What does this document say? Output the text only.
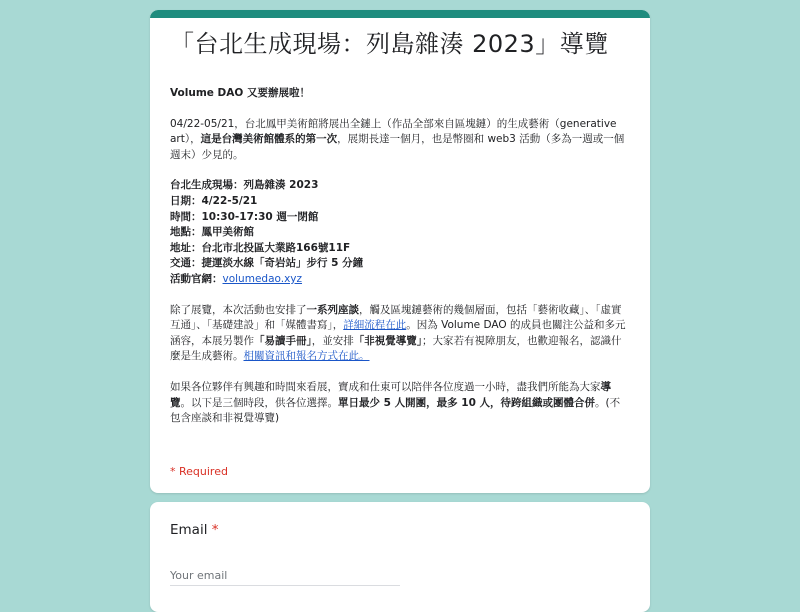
「台北生成現場：列島雜湊 2023」導覽

Volume DAO 又要辦展啦！

04/22-05/21，台北鳳甲美術館將展出全鏈上（作品全部來自區塊鏈）的生成藝術（generative art），這是台灣美術館體系的第一次，展期長達一個月，也是幣圈和 web3 活動（多為一週或一個週末）少見的。

台北生成現場：列島雜湊 2023
日期：4/22-5/21
時間：10:30-17:30 週一閉館
地點：鳳甲美術館
地址：台北市北投區大業路166號11F
交通：捷運淡水線「奇岩站」步行 5 分鐘
活動官網：volumedao.xyz

除了展覽，本次活動也安排了一系列座談，觸及區塊鏈藝術的幾個層面，包括「藝術收藏」、「虛實互通」、「基礎建設」和「媒體書寫」，詳細流程在此。因為 Volume DAO 的成員也關注公益和多元涵容，本展另製作「易讀手冊」，並安排「非視覺導覽」；大家若有視障朋友，也歡迎報名，認識什麼是生成藝術。相關資訊和報名方式在此。

如果各位夥伴有興趣和時間來看展，寶成和仕東可以陪伴各位度過一小時，盡我們所能為大家導覽。以下是三個時段，供各位選擇。單日最少 5 人開團，最多 10 人，待跨組織或團體合併。(不包含座談和非視覺導覽)

* Required
Email *
Your email
